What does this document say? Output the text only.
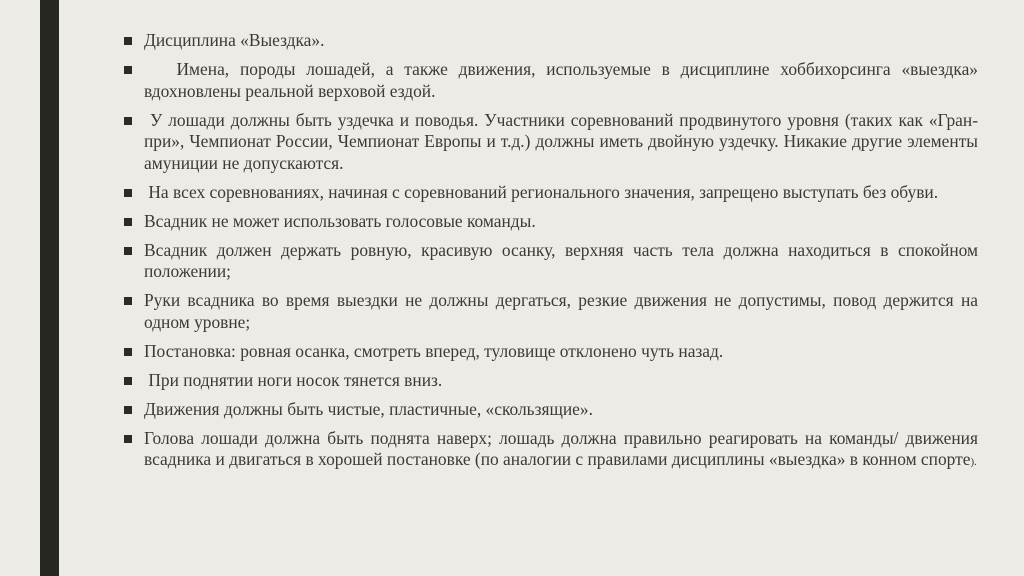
Дисциплина «Выездка».
Имена, породы лошадей, а также движения, используемые в дисциплине хоббихорсинга «выездка» вдохновлены реальной верховой ездой.
У лошади должны быть уздечка и поводья. Участники соревнований продвинутого уровня (таких как «Гран-при», Чемпионат России, Чемпионат Европы и т.д.) должны иметь двойную уздечку. Никакие другие элементы амуниции не допускаются.
На всех соревнованиях, начиная с соревнований регионального значения, запрещено выступать без обуви.
Всадник не может использовать голосовые команды.
Всадник должен держать ровную, красивую осанку, верхняя часть тела должна находиться в спокойном положении;
Руки всадника во время выездки не должны дергаться, резкие движения не допустимы, повод держится на одном уровне;
Постановка: ровная осанка, смотреть вперед, туловище отклонено чуть назад.
При поднятии ноги носок тянется вниз.
Движения должны быть чистые, пластичные, «скользящие».
Голова лошади должна быть поднята наверх; лошадь должна правильно реагировать на команды/ движения всадника и двигаться в хорошей постановке (по аналогии с правилами дисциплины «выездка» в конном спорте).
